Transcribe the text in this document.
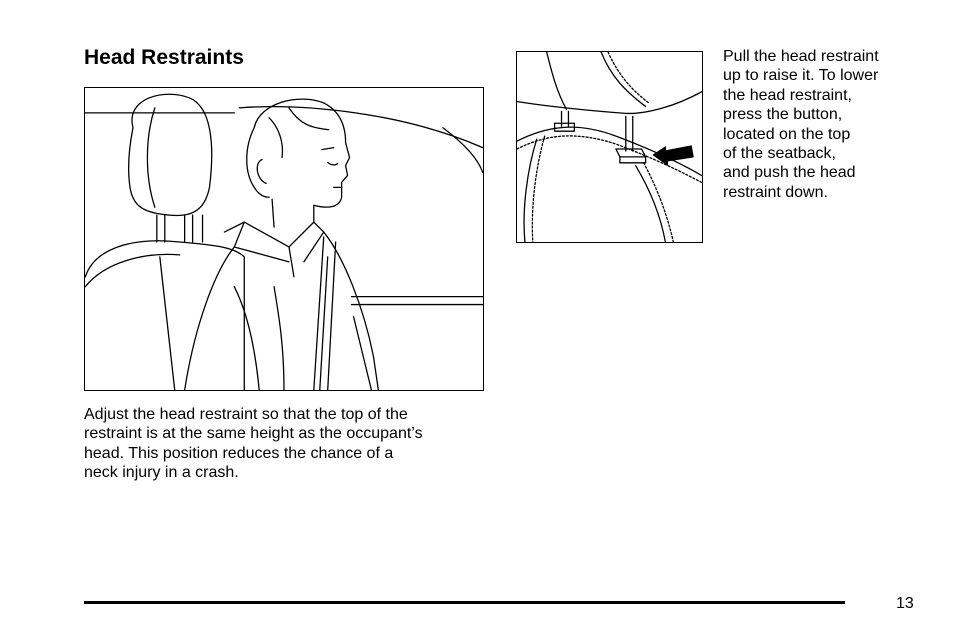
Head Restraints	Pull the head restraint
up to raise it. To lower
the head restraint,
press the button,
located on the top
of the seatback,
and push the head
restraint down.

Adjust the head restraint so that the top of the
restraint is at the same height as the occupant’s
head. This position reduces the chance of a
neck injury in a crash.

13
